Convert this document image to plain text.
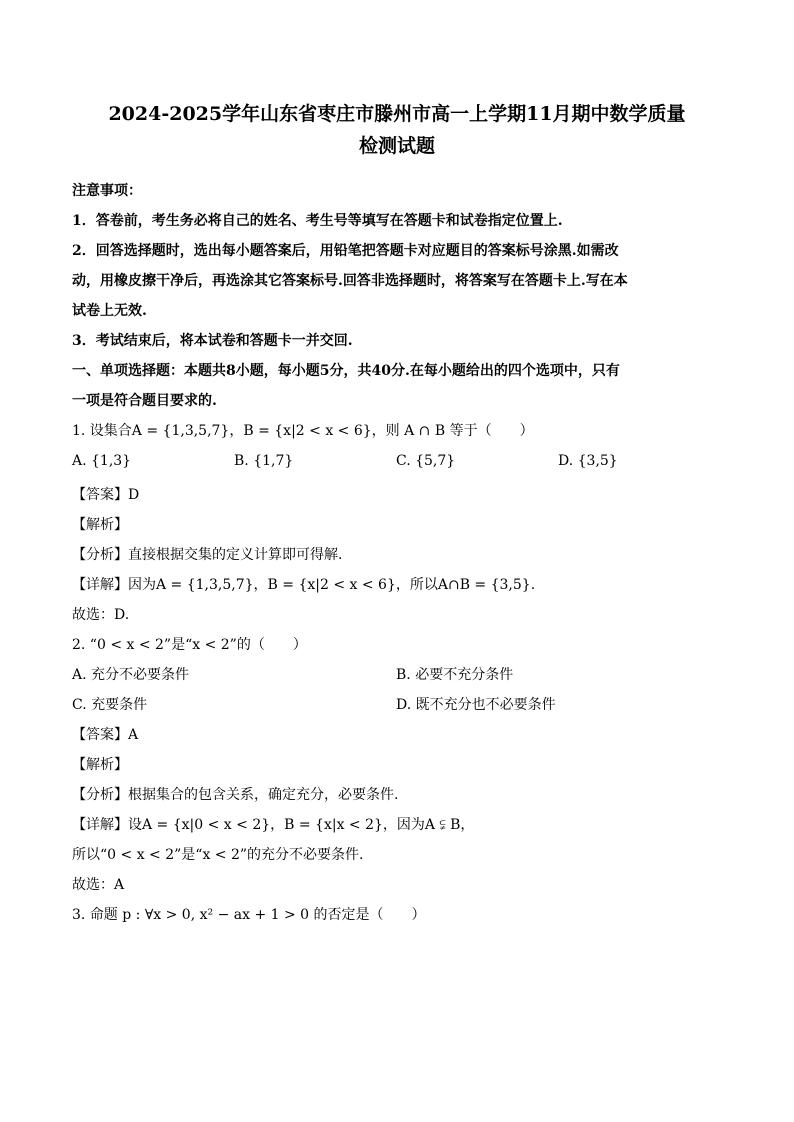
2024-2025学年山东省枣庄市滕州市高一上学期11月期中数学质量
检测试题
注意事项：
1．答卷前，考生务必将自己的姓名、考生号等填写在答题卡和试卷指定位置上.
2．回答选择题时，选出每小题答案后，用铅笔把答题卡对应题目的答案标号涂黑.如需改
动，用橡皮擦干净后，再选涂其它答案标号.回答非选择题时，将答案写在答题卡上.写在本
试卷上无效.
3．考试结束后，将本试卷和答题卡一并交回.
一、单项选择题：本题共8小题，每小题5分，共40分.在每小题给出的四个选项中，只有
一项是符合题目要求的.
1. 设集合A = {1,3,5,7}，B = {x|2 < x < 6}，则 A ∩ B 等于（　　）
A. {1,3}	B. {1,7}	C. {5,7}	D. {3,5}
【答案】D
【解析】
【分析】直接根据交集的定义计算即可得解.
【详解】因为A = {1,3,5,7}，B = {x|2 < x < 6}，所以A∩B = {3,5}.
故选：D.
2. “0 < x < 2”是“x < 2”的（　　）
A. 充分不必要条件	B. 必要不充分条件
C. 充要条件	D. 既不充分也不必要条件
【答案】A
【解析】
【分析】根据集合的包含关系，确定充分，必要条件.
【详解】设A = {x|0 < x < 2}，B = {x|x < 2}，因为A ⫋ B，
所以“0 < x < 2”是“x < 2”的充分不必要条件.
故选：A
3. 命题 p : ∀x > 0, x² − ax + 1 > 0 的否定是（　　）
